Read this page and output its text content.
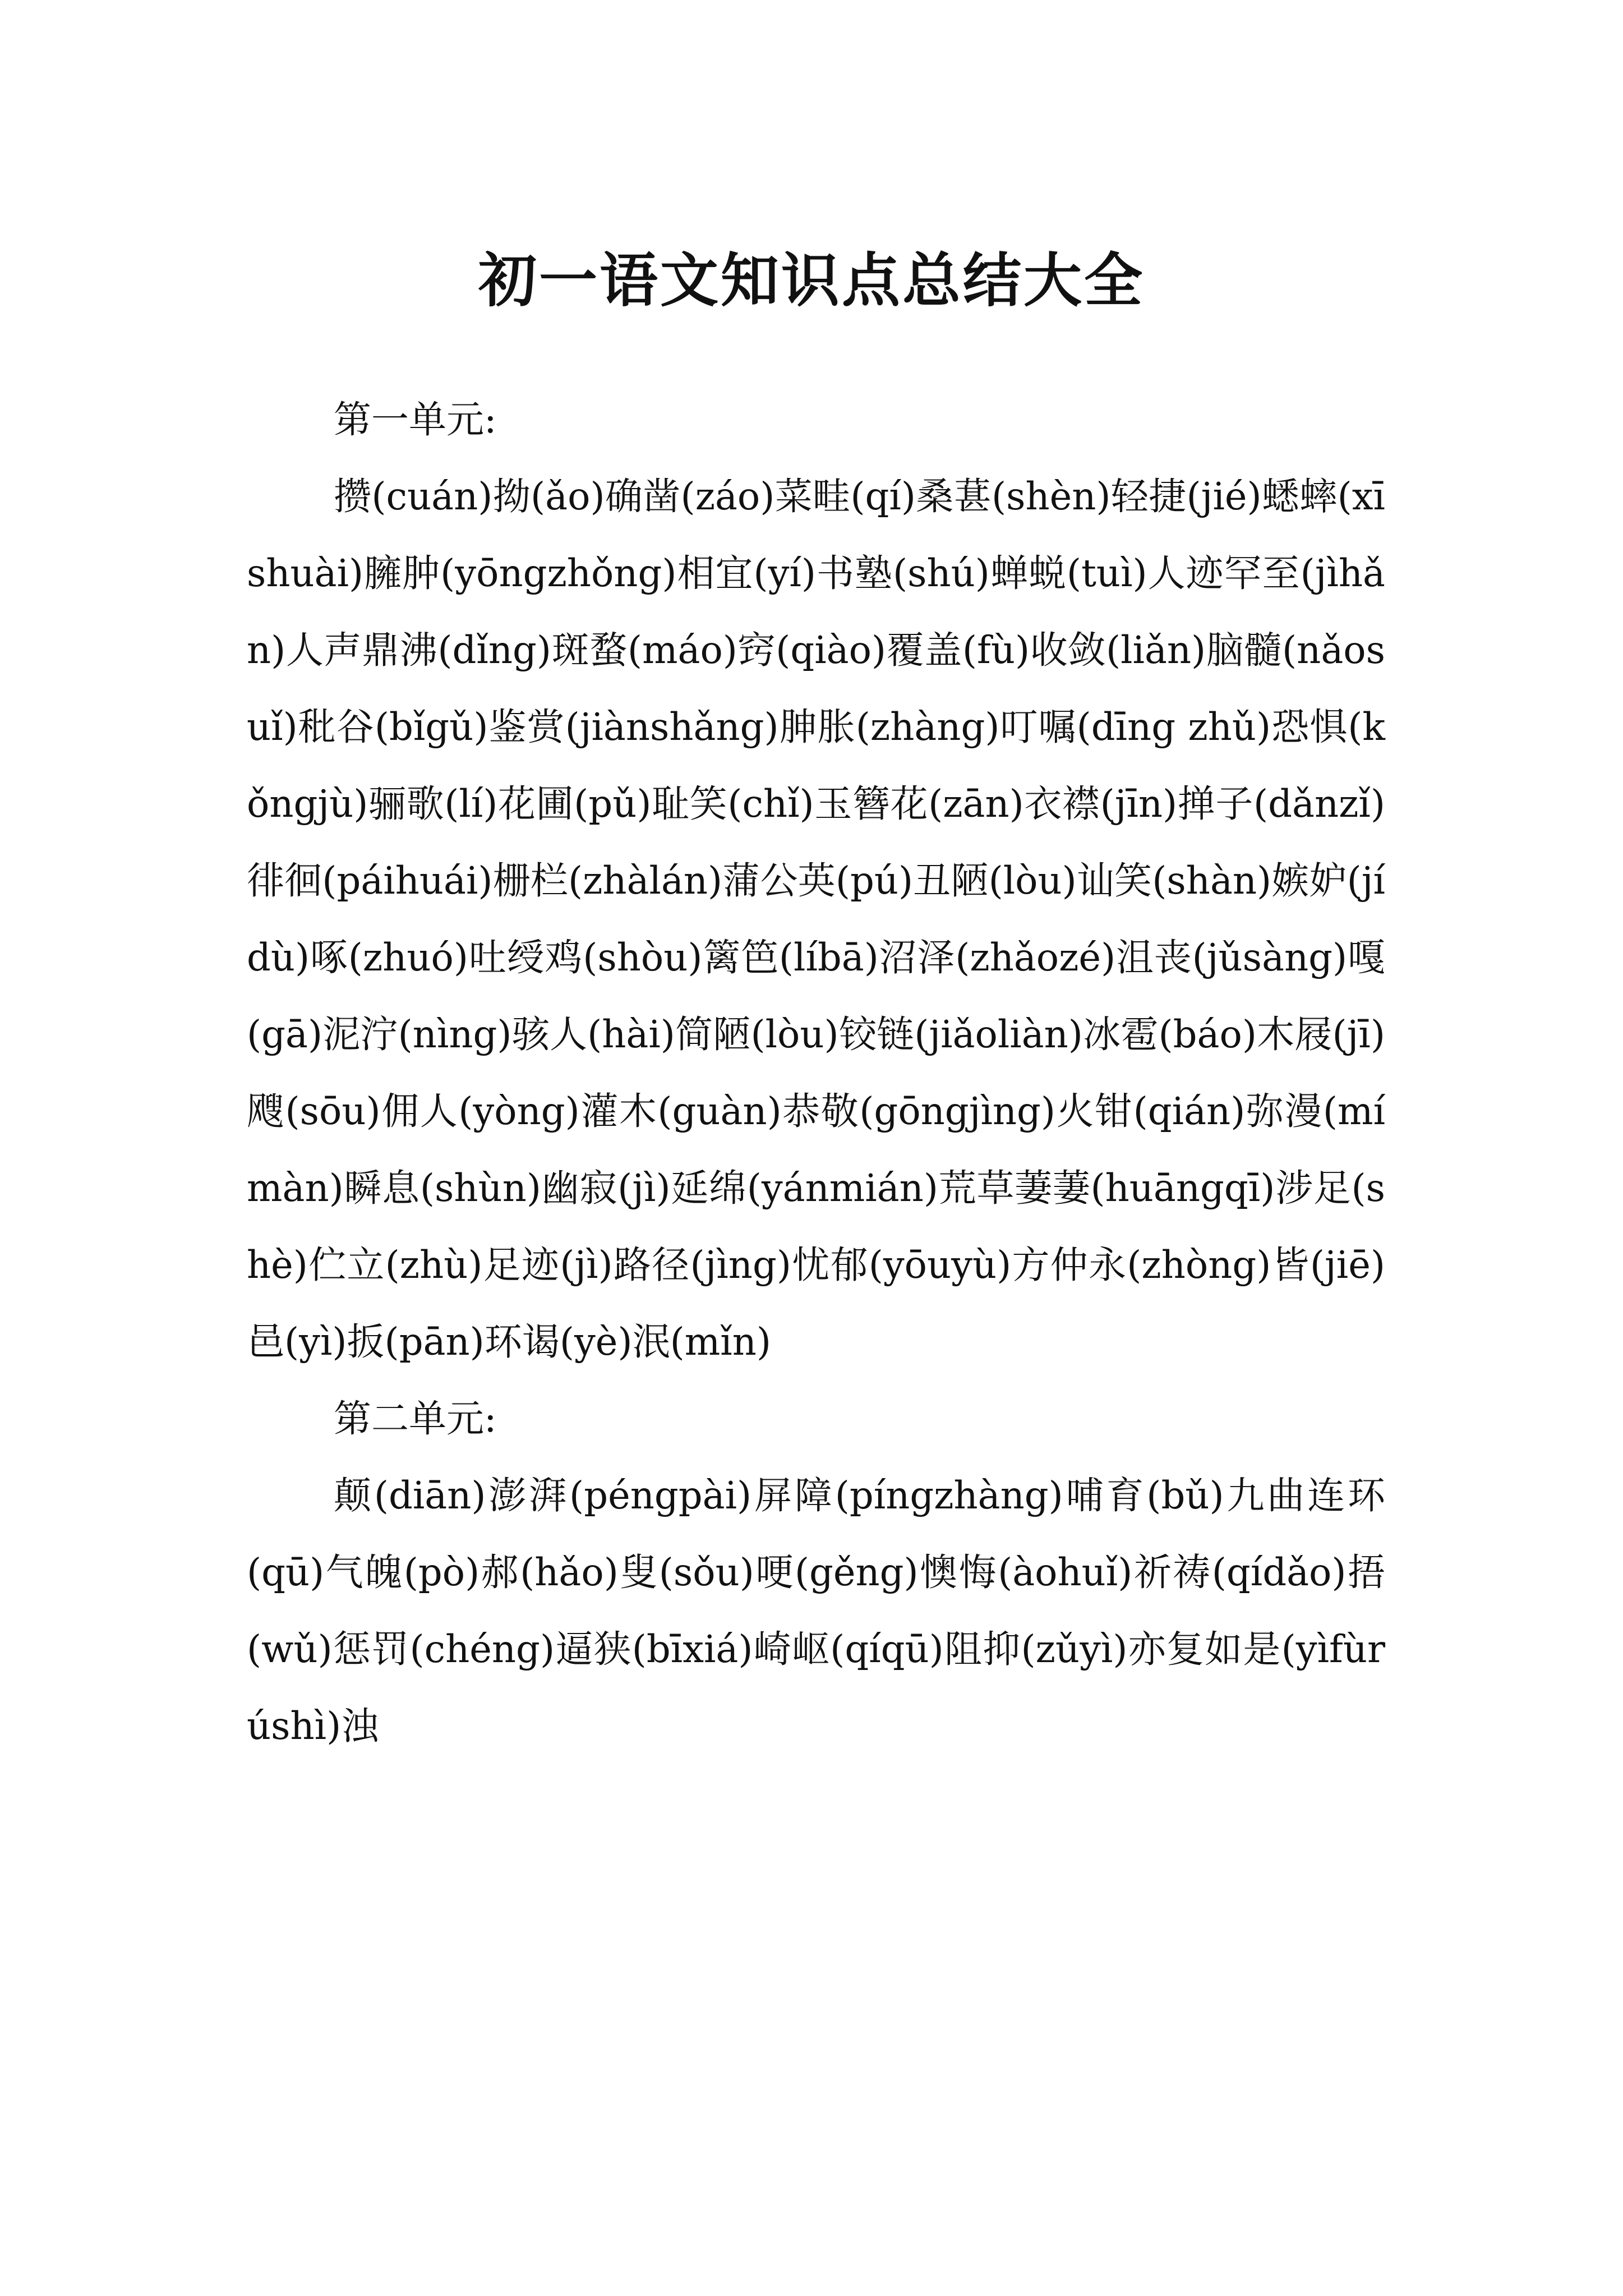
初一语文知识点总结大全

第一单元:

攒(cuán)拗(ǎo)确凿(záo)菜畦(qí)桑葚(shèn)轻捷(jié)蟋蟀(xīshuài)臃肿(yōngzhǒng)相宜(yí)书塾(shú)蝉蜕(tuì)人迹罕至(jìhǎn)人声鼎沸(dǐng)斑蝥(máo)窍(qiào)覆盖(fù)收敛(liǎn)脑髓(nǎosuǐ)秕谷(bǐgǔ)鉴赏(jiànshǎng)胂胀(zhàng)叮嘱(dīng zhǔ)恐惧(kǒngjù)骊歌(lí)花圃(pǔ)耻笑(chǐ)玉簪花(zān)衣襟(jīn)掸子(dǎnzǐ)徘徊(páihuái)栅栏(zhàlán)蒲公英(pú)丑陋(lòu)讪笑(shàn)嫉妒(jídù)啄(zhuó)吐绶鸡(shòu)篱笆(líbā)沼泽(zhǎozé)沮丧(jǔsàng)嘎(gā)泥泞(nìng)骇人(hài)简陋(lòu)铰链(jiǎoliàn)冰雹(báo)木屐(jī)飕(sōu)佣人(yòng)灌木(guàn)恭敬(gōngjìng)火钳(qián)弥漫(mímàn)瞬息(shùn)幽寂(jì)延绵(yánmián)荒草萋萋(huāngqī)涉足(shè)伫立(zhù)足迹(jì)路径(jìng)忧郁(yōuyù)方仲永(zhòng)皆(jiē)邑(yì)扳(pān)环谒(yè)泯(mǐn)

第二单元:

颠(diān)澎湃(péngpài)屏障(píngzhàng)哺育(bǔ)九曲连环(qū)气魄(pò)郝(hǎo)叟(sǒu)哽(gěng)懊悔(àohuǐ)祈祷(qídǎo)捂(wǔ)惩罚(chéng)逼狭(bīxiá)崎岖(qíqū)阻抑(zǔyì)亦复如是(yìfùrúshì)浊
